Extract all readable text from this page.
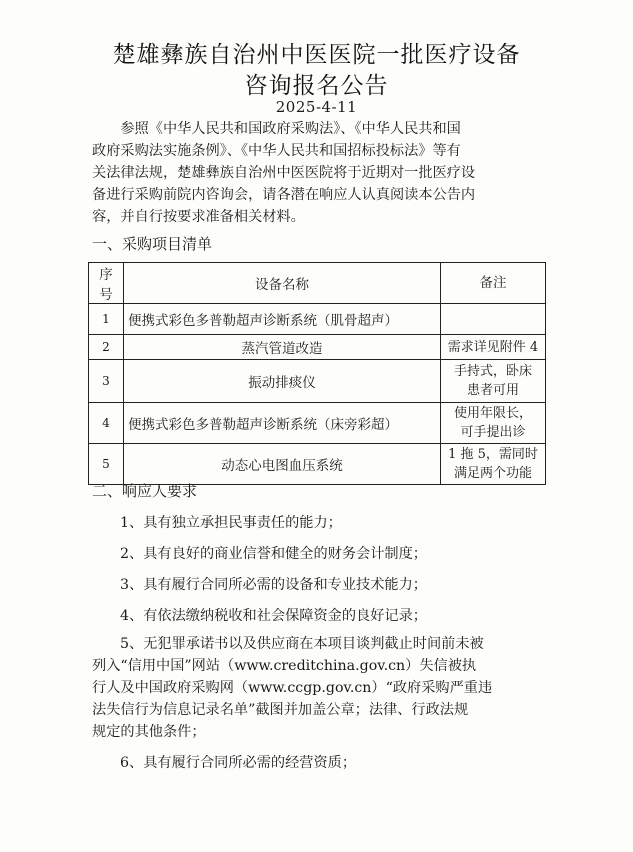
楚雄彝族自治州中医医院一批医疗设备
咨询报名公告
2025-4-11
　　参照《中华人民共和国政府采购法》、《中华人民共和国
政府采购法实施条例》、《中华人民共和国招标投标法》等有
关法律法规，楚雄彝族自治州中医医院将于近期对一批医疗设
备进行采购前院内咨询会，请各潜在响应人认真阅读本公告内
容，并自行按要求准备相关材料。
一、采购项目清单
序号	设备名称	备注
1	便携式彩色多普勒超声诊断系统（肌骨超声）	
2	蒸汽管道改造	需求详见附件 4
3	振动排痰仪	手持式，卧床
患者可用

4	便携式彩色多普勒超声诊断系统（床旁彩超）	使用年限长，
可手提出诊

5	动态心电图血压系统	1 拖 5，需同时
满足两个功能
二、响应人要求
1、具有独立承担民事责任的能力；
2、具有良好的商业信誉和健全的财务会计制度；
3、具有履行合同所必需的设备和专业技术能力；
4、有依法缴纳税收和社会保障资金的良好记录；
5、无犯罪承诺书以及供应商在本项目谈判截止时间前未被
列入“信用中国”网站（www.creditchina.gov.cn）失信被执
行人及中国政府采购网（www.ccgp.gov.cn）“政府采购严重违
法失信行为信息记录名单”截图并加盖公章；法律、行政法规
规定的其他条件；
6、具有履行合同所必需的经营资质；
